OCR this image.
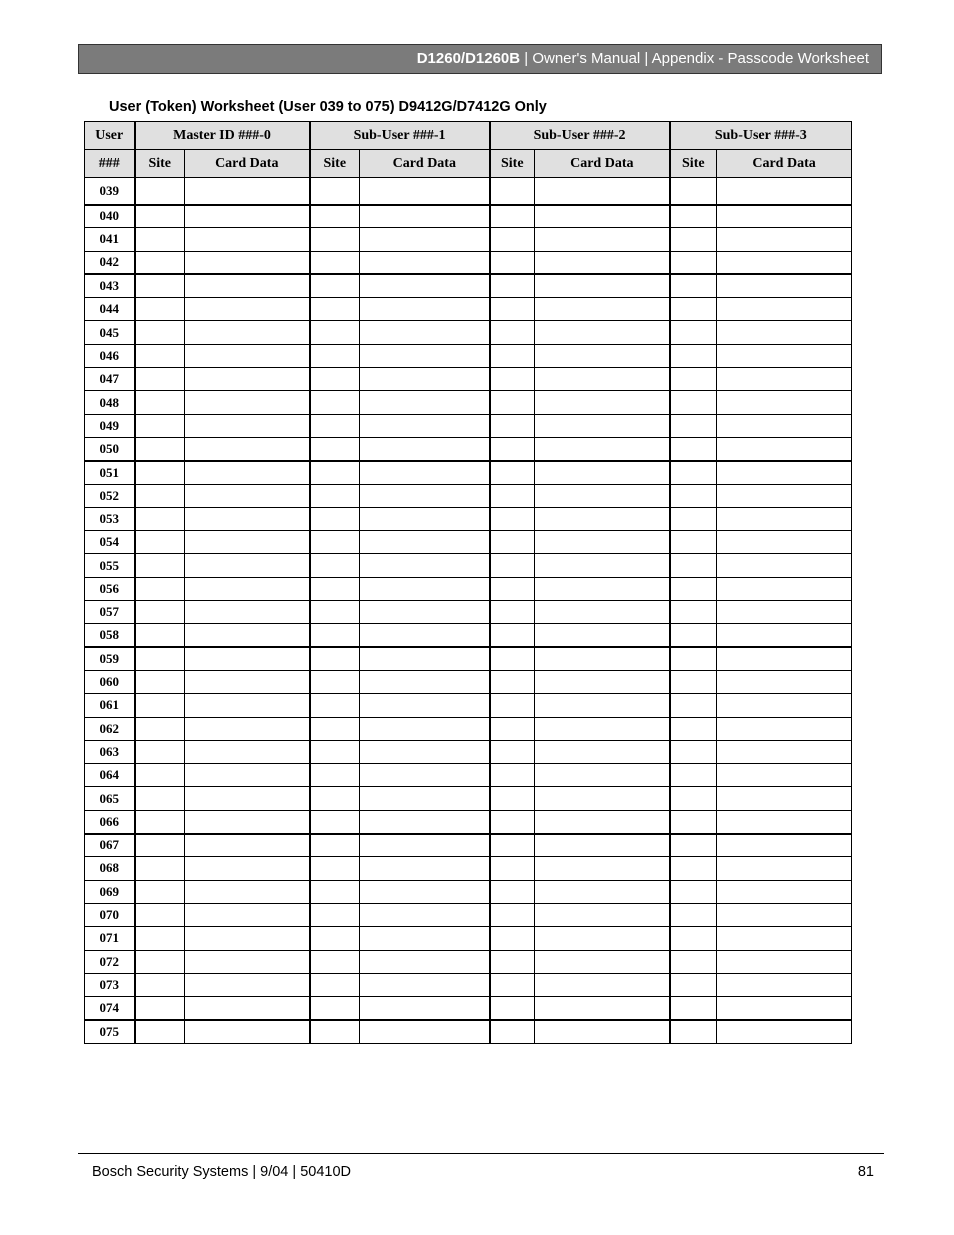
D1260/D1260B | Owner's Manual | Appendix - Passcode Worksheet
User (Token) Worksheet (User 039 to 075) D9412G/D7412G Only
User	Master ID ###-0		Sub-User ###-1		Sub-User ###-2		Sub-User ###-3	
###	Site	Card Data	Site	Card Data	Site	Card Data	Site	Card Data
039								
040								
041								
042								
043								
044								
045								
046								
047								
048								
049								
050								
051								
052								
053								
054								
055								
056								
057								
058								
059								
060								
061								
062								
063								
064								
065								
066								
067								
068								
069								
070								
071								
072								
073								
074								
075								
Bosch Security Systems | 9/04 | 50410D	81
